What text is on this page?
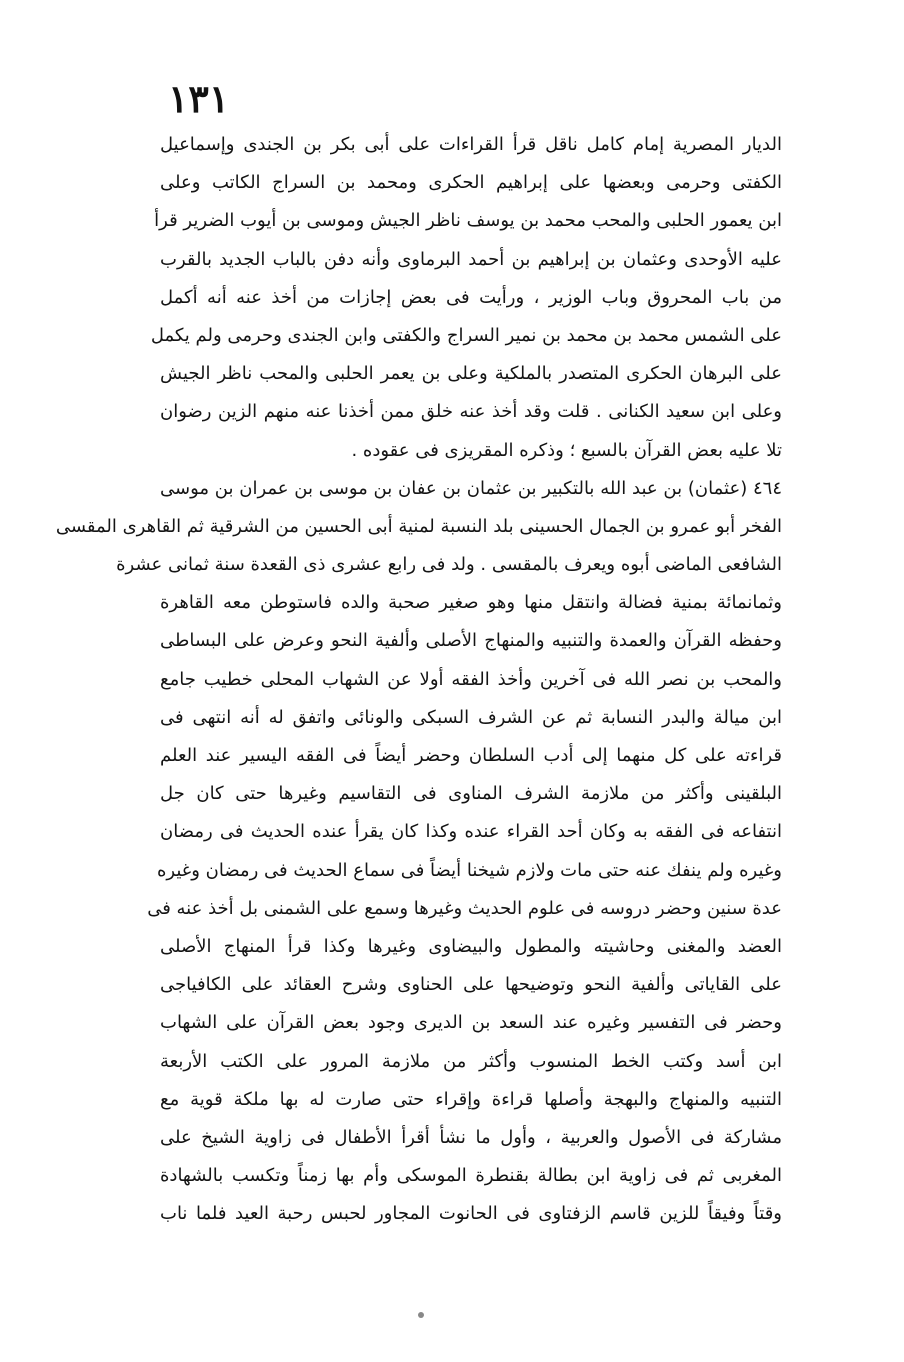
١٣١
الديار المصرية إمام كامل ناقل قرأ القراءات على أبى بكر بن الجندى وإسماعيل
الكفتى وحرمى وبعضها على إبراهيم الحكرى ومحمد بن السراج الكاتب وعلى
ابن يعمور الحلبى والمحب محمد بن يوسف ناظر الجيش وموسى بن أيوب الضرير قرأ
عليه الأوحدى وعثمان بن إبراهيم بن أحمد البرماوى وأنه دفن بالباب الجديد بالقرب
من باب المحروق وباب الوزير ، ورأيت فى بعض إجازات من أخذ عنه أنه أكمل
على الشمس محمد بن محمد بن نمير السراج والكفتى وابن الجندى وحرمى ولم يكمل
على البرهان الحكرى المتصدر بالملكية وعلى بن يعمر الحلبى والمحب ناظر الجيش
وعلى ابن سعيد الكنانى . قلت وقد أخذ عنه خلق ممن أخذنا عنه منهم الزين رضوان
تلا عليه بعض القرآن بالسبع ؛ وذكره المقريزى فى عقوده .
٤٦٤ (عثمان) بن عبد الله بالتكبير بن عثمان بن عفان بن موسى بن عمران بن موسى
الفخر أبو عمرو بن الجمال الحسينى بلد النسبة لمنية أبى الحسين من الشرقية ثم القاهرى المقسى
الشافعى الماضى أبوه ويعرف بالمقسى . ولد فى رابع عشرى ذى القعدة سنة ثمانى عشرة
وثمانمائة بمنية فضالة وانتقل منها وهو صغير صحبة والده فاستوطن معه القاهرة
وحفظه القرآن والعمدة والتنبيه والمنهاج الأصلى وألفية النحو وعرض على البساطى
والمحب بن نصر الله فى آخرين وأخذ الفقه أولا عن الشهاب المحلى خطيب جامع
ابن ميالة والبدر النسابة ثم عن الشرف السبكى والونائى واتفق له أنه انتهى فى
قراءته على كل منهما إلى أدب السلطان وحضر أيضاً فى الفقه اليسير عند العلم
البلقينى وأكثر من ملازمة الشرف المناوى فى التقاسيم وغيرها حتى كان جل
انتفاعه فى الفقه به وكان أحد القراء عنده وكذا كان يقرأ عنده الحديث فى رمضان
وغيره ولم ينفك عنه حتى مات ولازم شيخنا أيضاً فى سماع الحديث فى رمضان وغيره
عدة سنين وحضر دروسه فى علوم الحديث وغيرها وسمع على الشمنى بل أخذ عنه فى
العضد والمغنى وحاشيته والمطول والبيضاوى وغيرها وكذا قرأ المنهاج الأصلى
على القاياتى وألفية النحو وتوضيحها على الحناوى وشرح العقائد على الكافياجى
وحضر فى التفسير وغيره عند السعد بن الديرى وجود بعض القرآن على الشهاب
ابن أسد وكتب الخط المنسوب وأكثر من ملازمة المرور على الكتب الأربعة
التنبيه والمنهاج والبهجة وأصلها قراءة وإقراء حتى صارت له بها ملكة قوية مع
مشاركة فى الأصول والعربية ، وأول ما نشأ أقرأ الأطفال فى زاوية الشيخ على
المغربى ثم فى زاوية ابن بطالة بقنطرة الموسكى وأم بها زمناً وتكسب بالشهادة
وقتاً وفيقاً للزين قاسم الزفتاوى فى الحانوت المجاور لحبس رحبة العيد فلما ناب
